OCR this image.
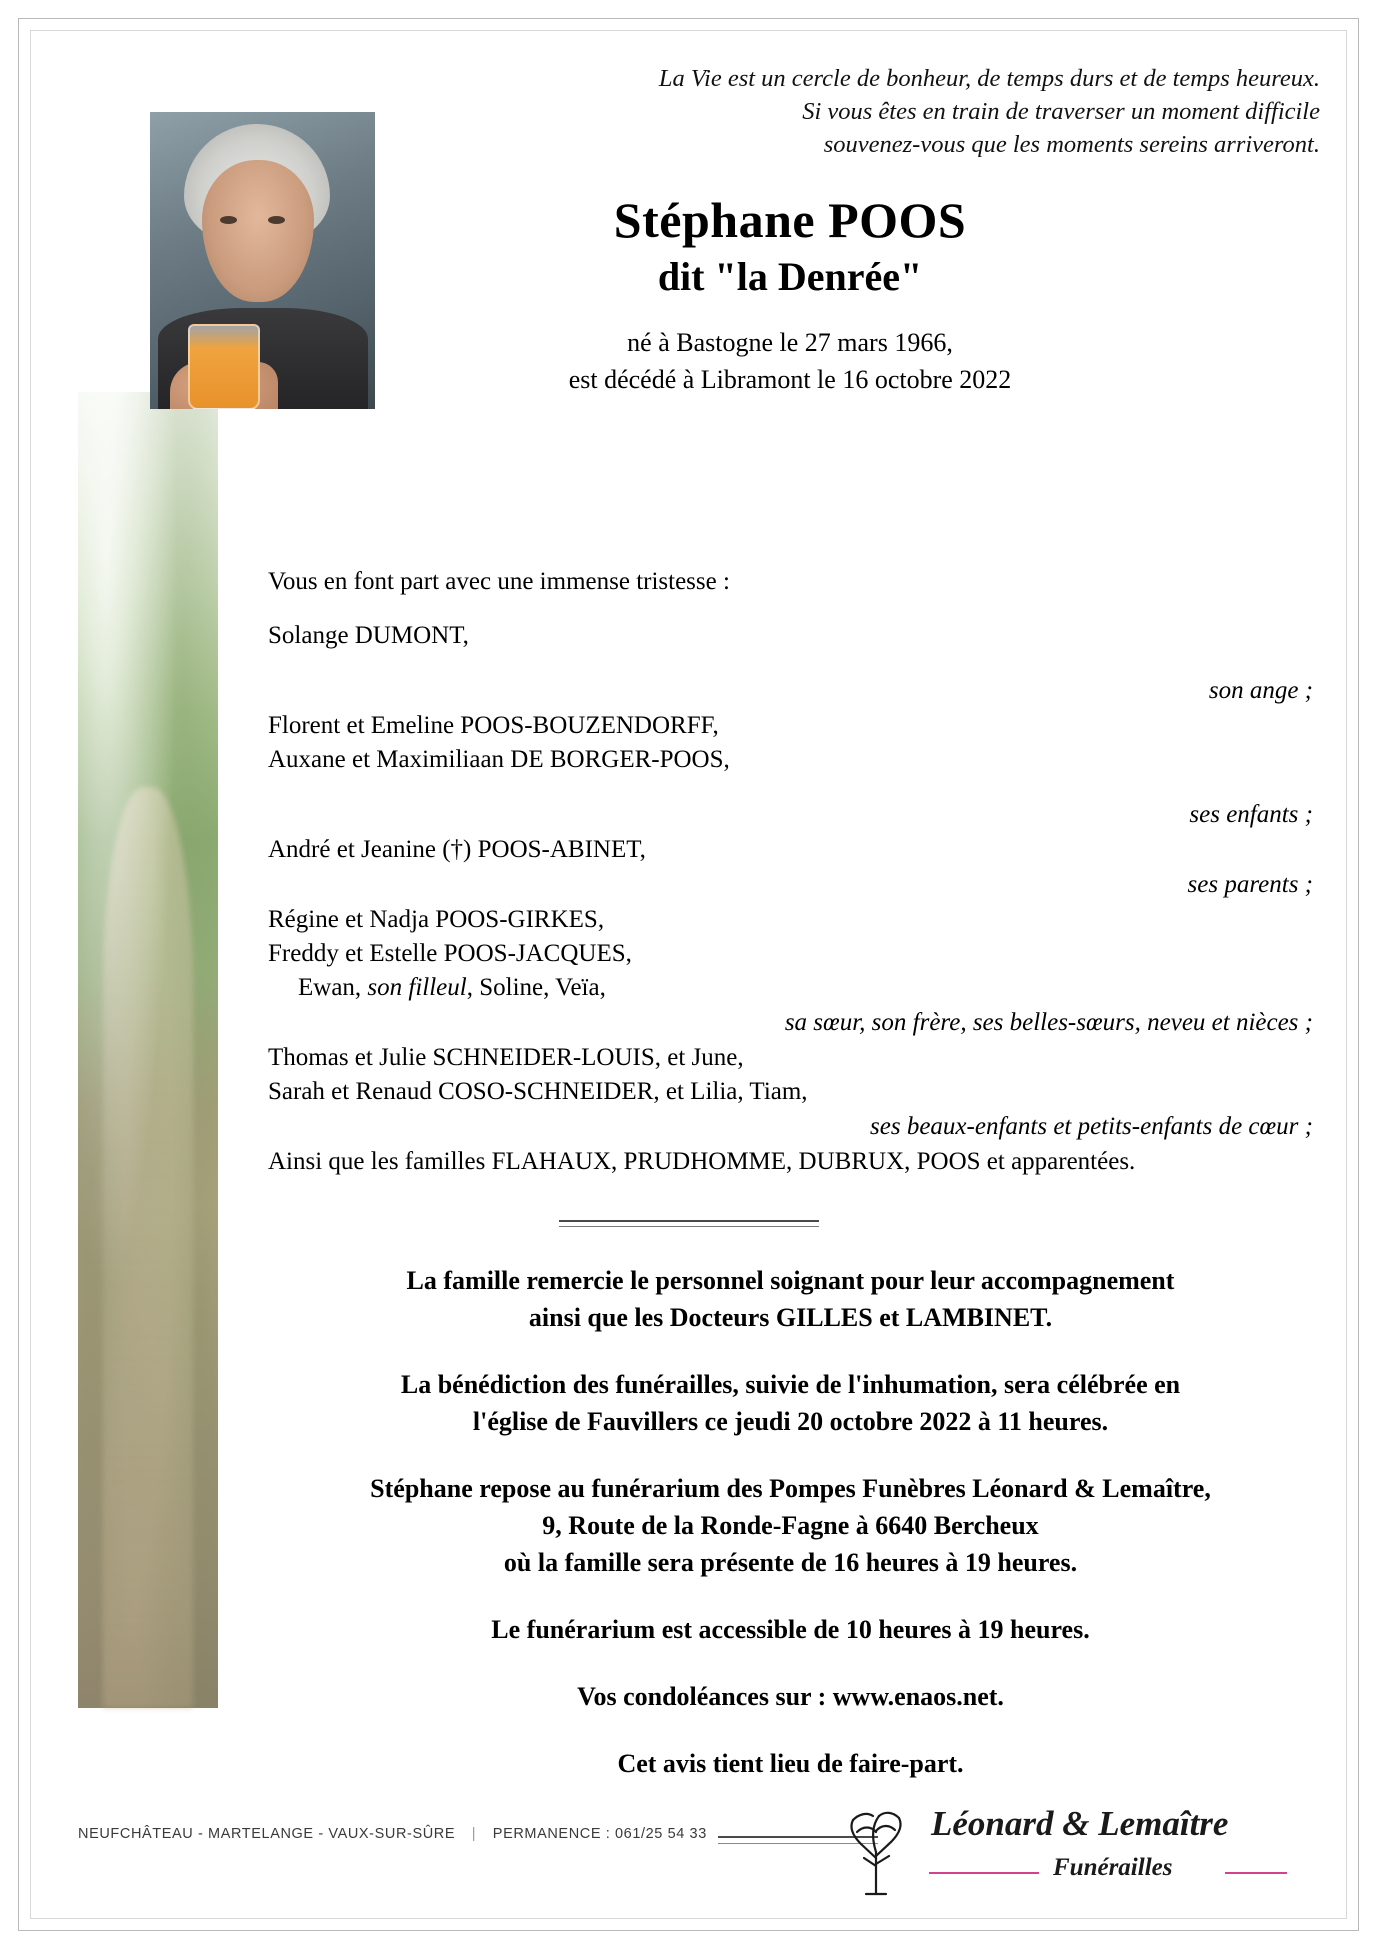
La Vie est un cercle de bonheur, de temps durs et de temps heureux.
Si vous êtes en train de traverser un moment difficile
souvenez-vous que les moments sereins arriveront.
Stéphane POOS
dit "la Denrée"
né à Bastogne le 27 mars 1966,
est décédé à Libramont le 16 octobre 2022

Vous en font part avec une immense tristesse :

Solange DUMONT,

son ange ;

Florent et Emeline POOS-BOUZENDORFF,

Auxane et Maximiliaan DE BORGER-POOS,

ses enfants ;

André et Jeanine (†) POOS-ABINET,

ses parents ;

Régine et Nadja POOS-GIRKES,

Freddy et Estelle POOS-JACQUES,

Ewan, son filleul, Soline, Veïa,

sa sœur, son frère, ses belles-sœurs, neveu et nièces ;

Thomas et Julie SCHNEIDER-LOUIS, et June,

Sarah et Renaud COSO-SCHNEIDER, et Lilia, Tiam,

ses beaux-enfants et petits-enfants de cœur ;

Ainsi que les familles FLAHAUX, PRUDHOMME, DUBRUX, POOS et apparentées.

La famille remercie le personnel soignant pour leur accompagnement
ainsi que les Docteurs GILLES et LAMBINET.

La bénédiction des funérailles, suivie de l'inhumation, sera célébrée en
l'église de Fauvillers ce jeudi 20 octobre 2022 à 11 heures.

Stéphane repose au funérarium des Pompes Funèbres Léonard & Lemaître,
9, Route de la Ronde-Fagne à 6640 Bercheux
où la famille sera présente de 16 heures à 19 heures.

Le funérarium est accessible de 10 heures à 19 heures.

Vos condoléances sur : www.enaos.net.

Cet avis tient lieu de faire-part.

NEUFCHÂTEAU - MARTELANGE - VAUX-SUR-SÛRE | PERMANENCE : 061/25 54 33	Léonard & Lemaître
Funérailles
